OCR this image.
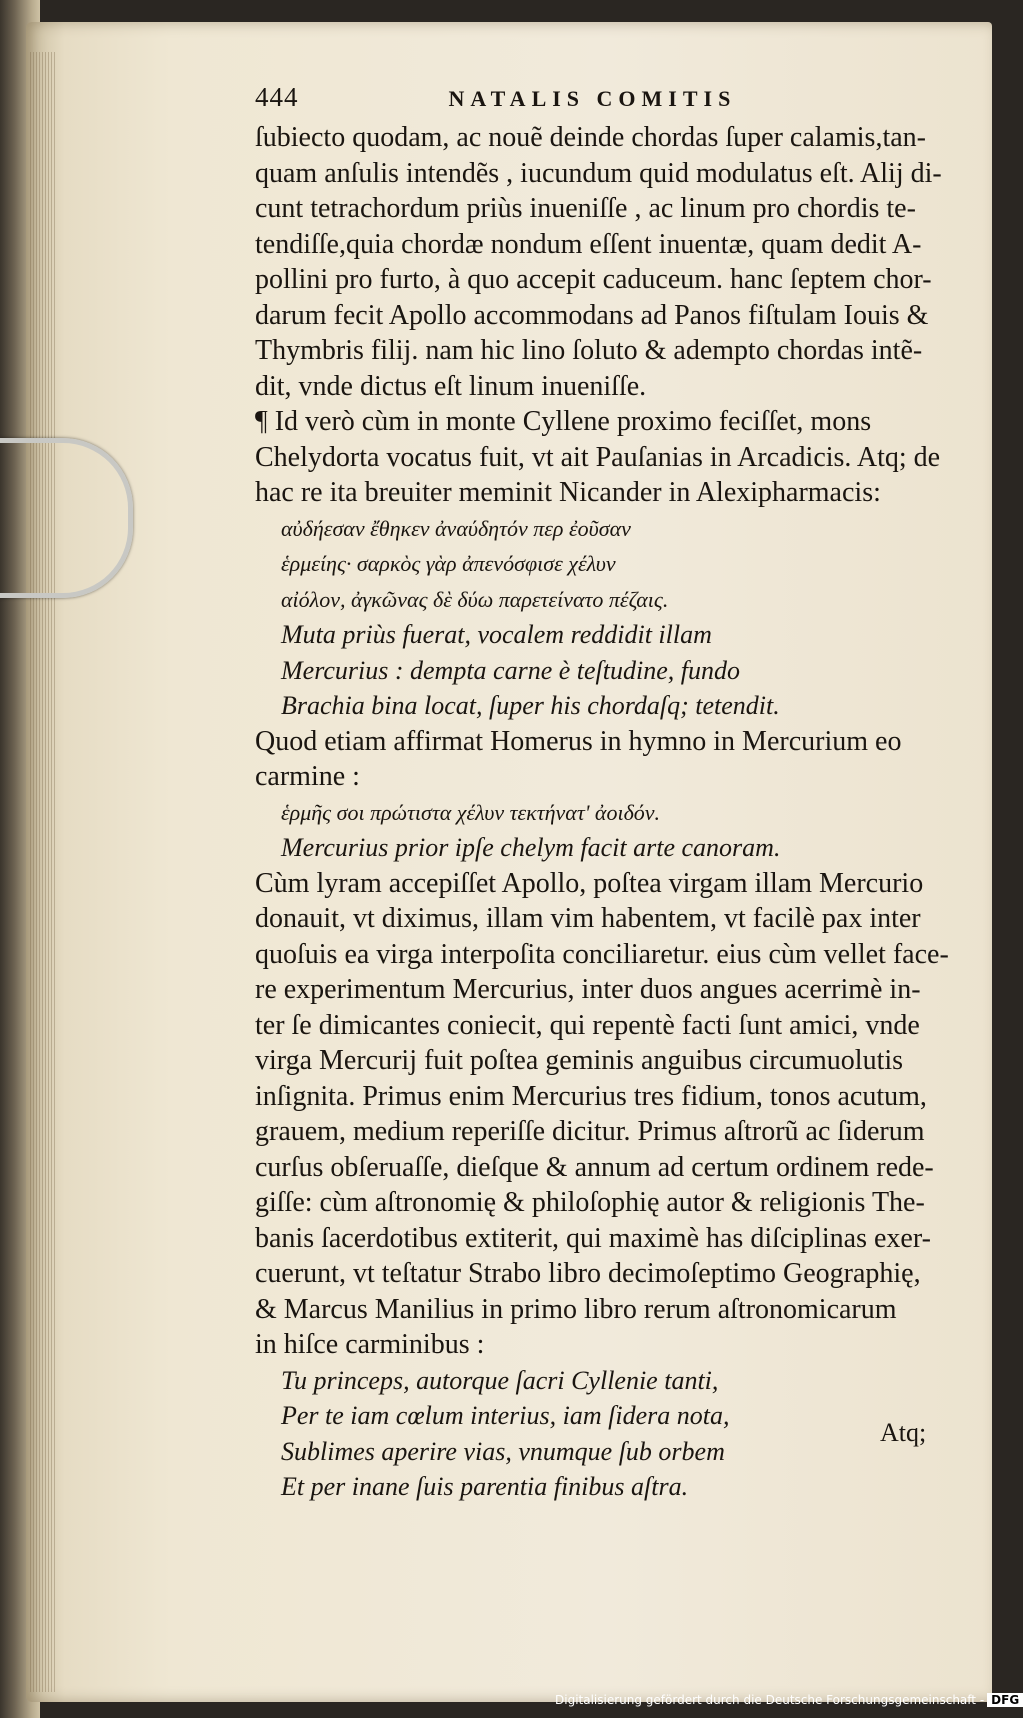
444	NATALIS COMITIS
ſubiecto quodam, ac nouẽ deinde chordas ſuper calamis,tan-
quam anſulis intendẽs , iucundum quid modulatus eſt. Alij di-
cunt tetrachordum priùs inueniſſe , ac linum pro chordis te-
tendiſſe,quia chordæ nondum eſſent inuentæ, quam dedit A-
pollini pro furto, à quo accepit caduceum. hanc ſeptem chor-
darum fecit Apollo accommodans ad Panos fiſtulam Iouis &
Thymbris filij. nam hic lino ſoluto & adempto chordas intẽ-
dit, vnde dictus eſt linum inueniſſe.
¶ Id verò cùm in monte Cyllene proximo feciſſet, mons
Chelydorta vocatus fuit, vt ait Pauſanias in Arcadicis. Atq; de
hac re ita breuiter meminit Nicander in Alexipharmacis:
αὐδήεσαν ἔθηκεν ἀναύδητόν περ ἐοῦσαν
ἑρμείης· σαρκὸς γὰρ ἀπενόσφισε χέλυν
αἰόλον, ἀγκῶνας δὲ δύω παρετείνατο πέζαις.
Muta priùs fuerat, vocalem reddidit illam
Mercurius : dempta carne è teſtudine, fundo
Brachia bina locat, ſuper his chordaſq; tetendit.
Quod etiam affirmat Homerus in hymno in Mercurium eo
carmine :
ἑρμῆς σοι πρώτιστα χέλυν τεκτήνατ' ἀοιδόν.
Mercurius prior ipſe chelym facit arte canoram.
Cùm lyram accepiſſet Apollo, poſtea virgam illam Mercurio
donauit, vt diximus, illam vim habentem, vt facilè pax inter
quoſuis ea virga interpoſita conciliaretur. eius cùm vellet face-
re experimentum Mercurius, inter duos angues acerrimè in-
ter ſe dimicantes coniecit, qui repentè facti ſunt amici, vnde
virga Mercurij fuit poſtea geminis anguibus circumuolutis
inſignita. Primus enim Mercurius tres fidium, tonos acutum,
grauem, medium reperiſſe dicitur. Primus aſtrorũ ac ſiderum
curſus obſeruaſſe, dieſque & annum ad certum ordinem rede-
giſſe: cùm aſtronomię & philoſophię autor & religionis The-
banis ſacerdotibus extiterit, qui maximè has diſciplinas exer-
cuerunt, vt teſtatur Strabo libro decimoſeptimo Geographię,
& Marcus Manilius in primo libro rerum aſtronomicarum
in hiſce carminibus :
Tu princeps, autorque ſacri Cyllenie tanti,
Per te iam cœlum interius, iam ſidera nota,
Sublimes aperire vias, vnumque ſub orbem
Et per inane ſuis parentia finibus aſtra.
Atq;
Digitalisierung gefördert durch die Deutsche Forschungsgemeinschaft - DFG
